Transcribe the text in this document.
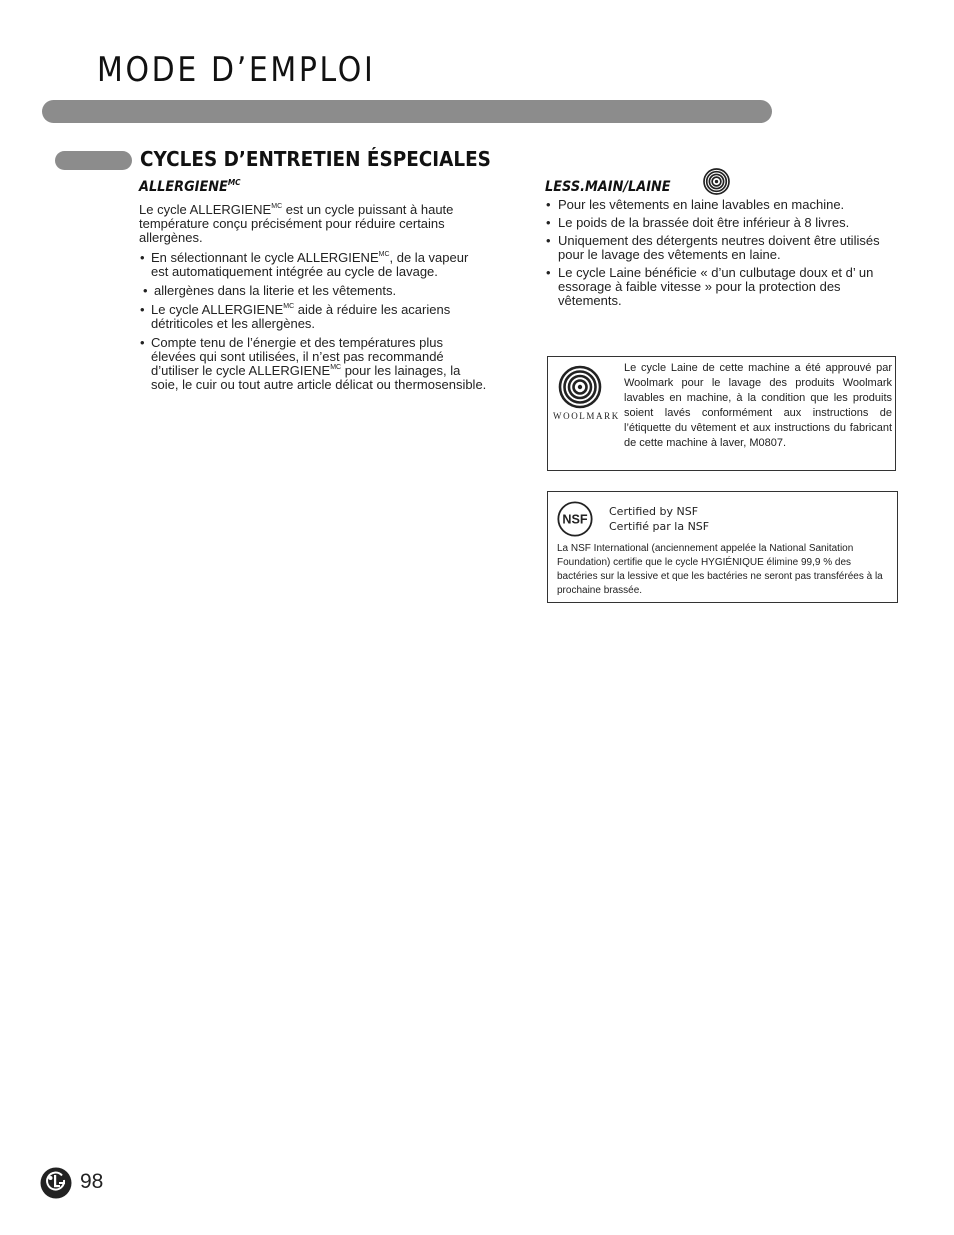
MODE D’EMPLOI
CYCLES D’ENTRETIEN ÉSPECIALES
$ALLERGIENE^{MC}$

Le cycle $ALLERGIENE^{MC}$ est un cycle puissant à haute température conçu précisément pour réduire certains allergènes.

• En sélectionnant le cycle $ALLERGIENE^{MC}$, de la vapeur est automatiquement intégrée au cycle de lavage.
• allergènes dans la literie et les vêtements.
• Le cycle $ALLERGIENE^{MC}$ aide à réduire les acariens détriticoles et les allergènes.
• Compte tenu de l’énergie et des températures plus élevées qui sont utilisées, il n’est pas recommandé d’utiliser le cycle $ALLERGIENE^{MC}$ pour les lainages, la soie, le cuir ou tout autre article délicat ou thermosensible.
LESS.MAIN/LAINE
• Pour les vêtements en laine lavables en machine.
• Le poids de la brassée doit être inférieur à 8 livres.
• Uniquement des détergents neutres doivent être utilisés pour le lavage des vêtements en laine.
• Le cycle Laine bénéficie « d’un culbutage doux et d’ un essorage à faible vitesse » pour la protection des vêtements.
WOOLMARK

Le cycle Laine de cette machine a été approuvé par Woolmark pour le lavage des produits Woolmark lavables en machine, à la condition que les produits soient lavés conformément aux instructions de l’étiquette du vêtement et aux instructions du fabricant de cette machine à laver, M0807.

NSF
Certified by NSF
Certifié par la NSF

La NSF International (anciennement appelée la National Sanitation Foundation) certifie que le cycle HYGIÉNIQUE élimine 99,9 % des bactéries sur la lessive et que les bactéries ne seront pas transférées à la prochaine brassée.

98
